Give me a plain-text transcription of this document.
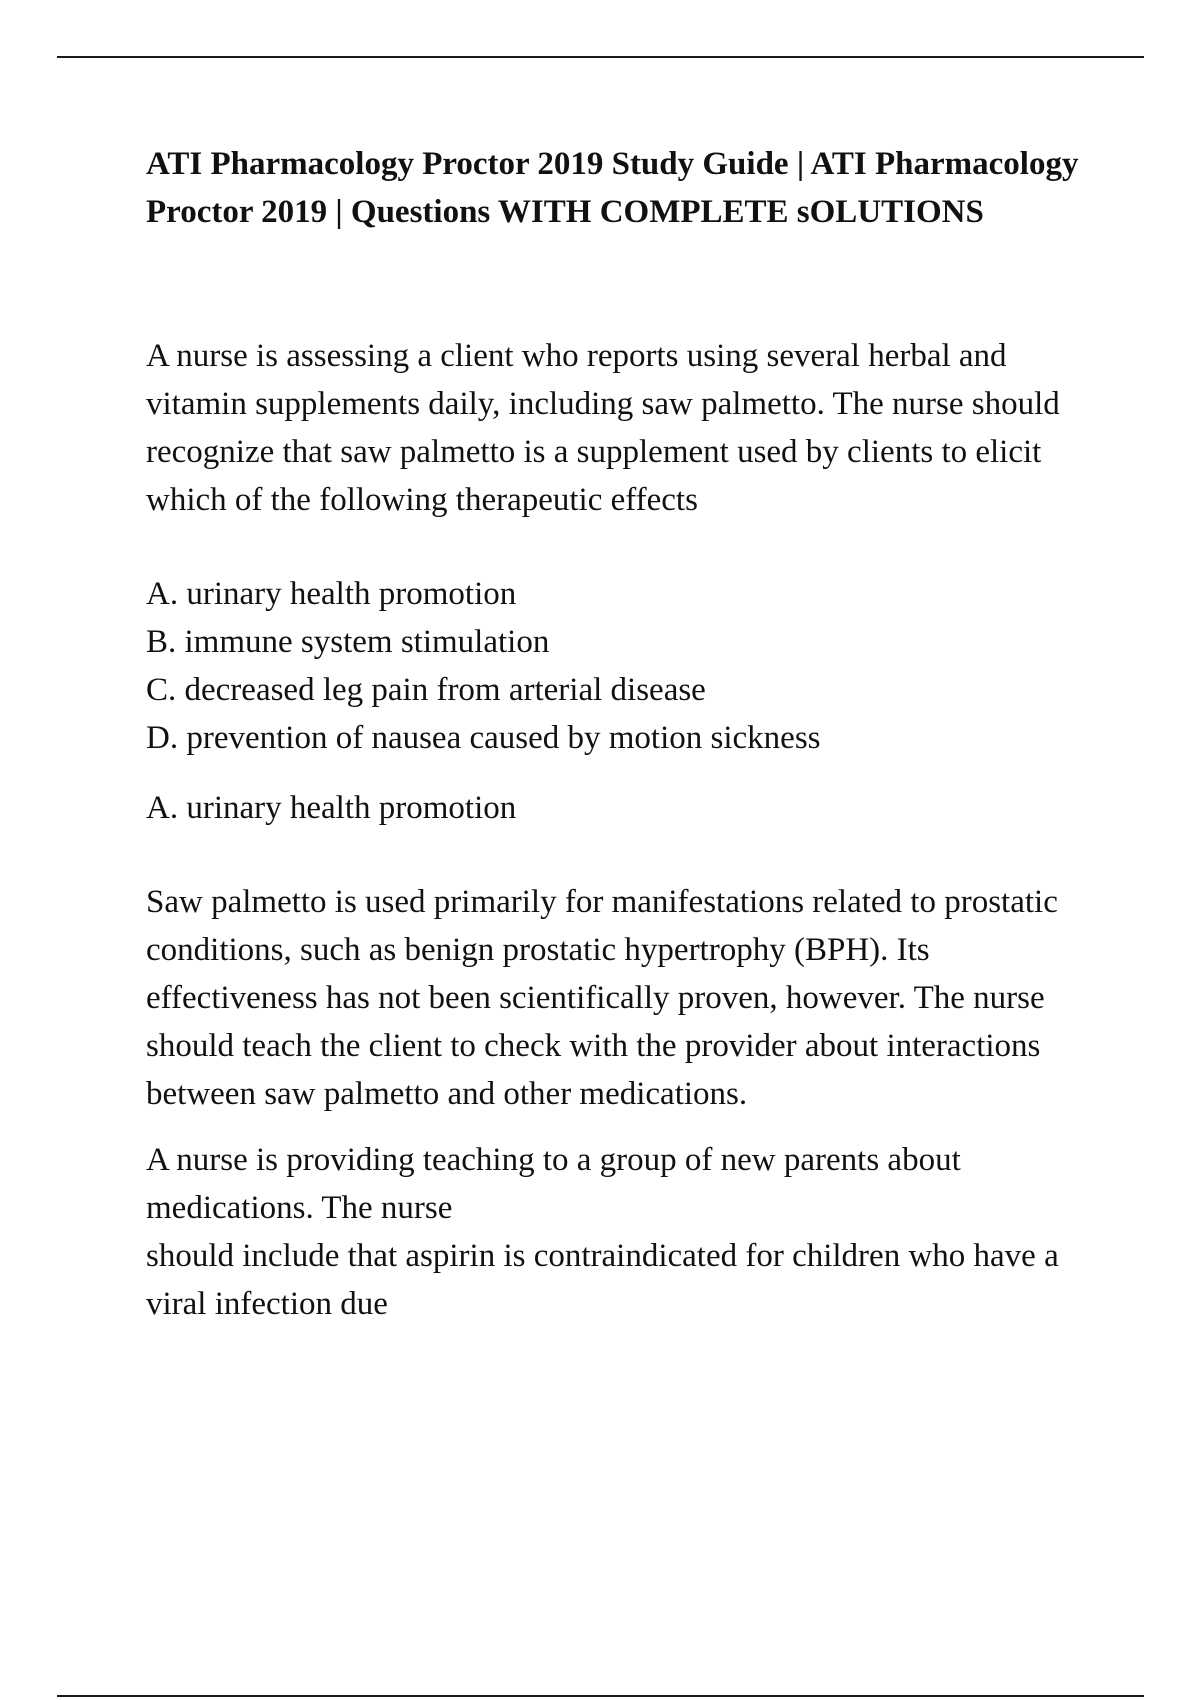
ATI Pharmacology Proctor 2019 Study Guide | ATI Pharmacology Proctor 2019 | Questions WITH COMPLETE sOLUTIONS

A nurse is assessing a client who reports using several herbal and vitamin supplements daily, including saw palmetto. The nurse should recognize that saw palmetto is a supplement used by clients to elicit which of the following therapeutic effects

A. urinary health promotion

B. immune system stimulation

C. decreased leg pain from arterial disease

D. prevention of nausea caused by motion sickness

A. urinary health promotion

Saw palmetto is used primarily for manifestations related to prostatic conditions, such as benign prostatic hypertrophy (BPH). Its effectiveness has not been scientifically proven, however. The nurse should teach the client to check with the provider about interactions between saw palmetto and other medications.

A nurse is providing teaching to a group of new parents about medications. The nurse

should include that aspirin is contraindicated for children who have a viral infection due
